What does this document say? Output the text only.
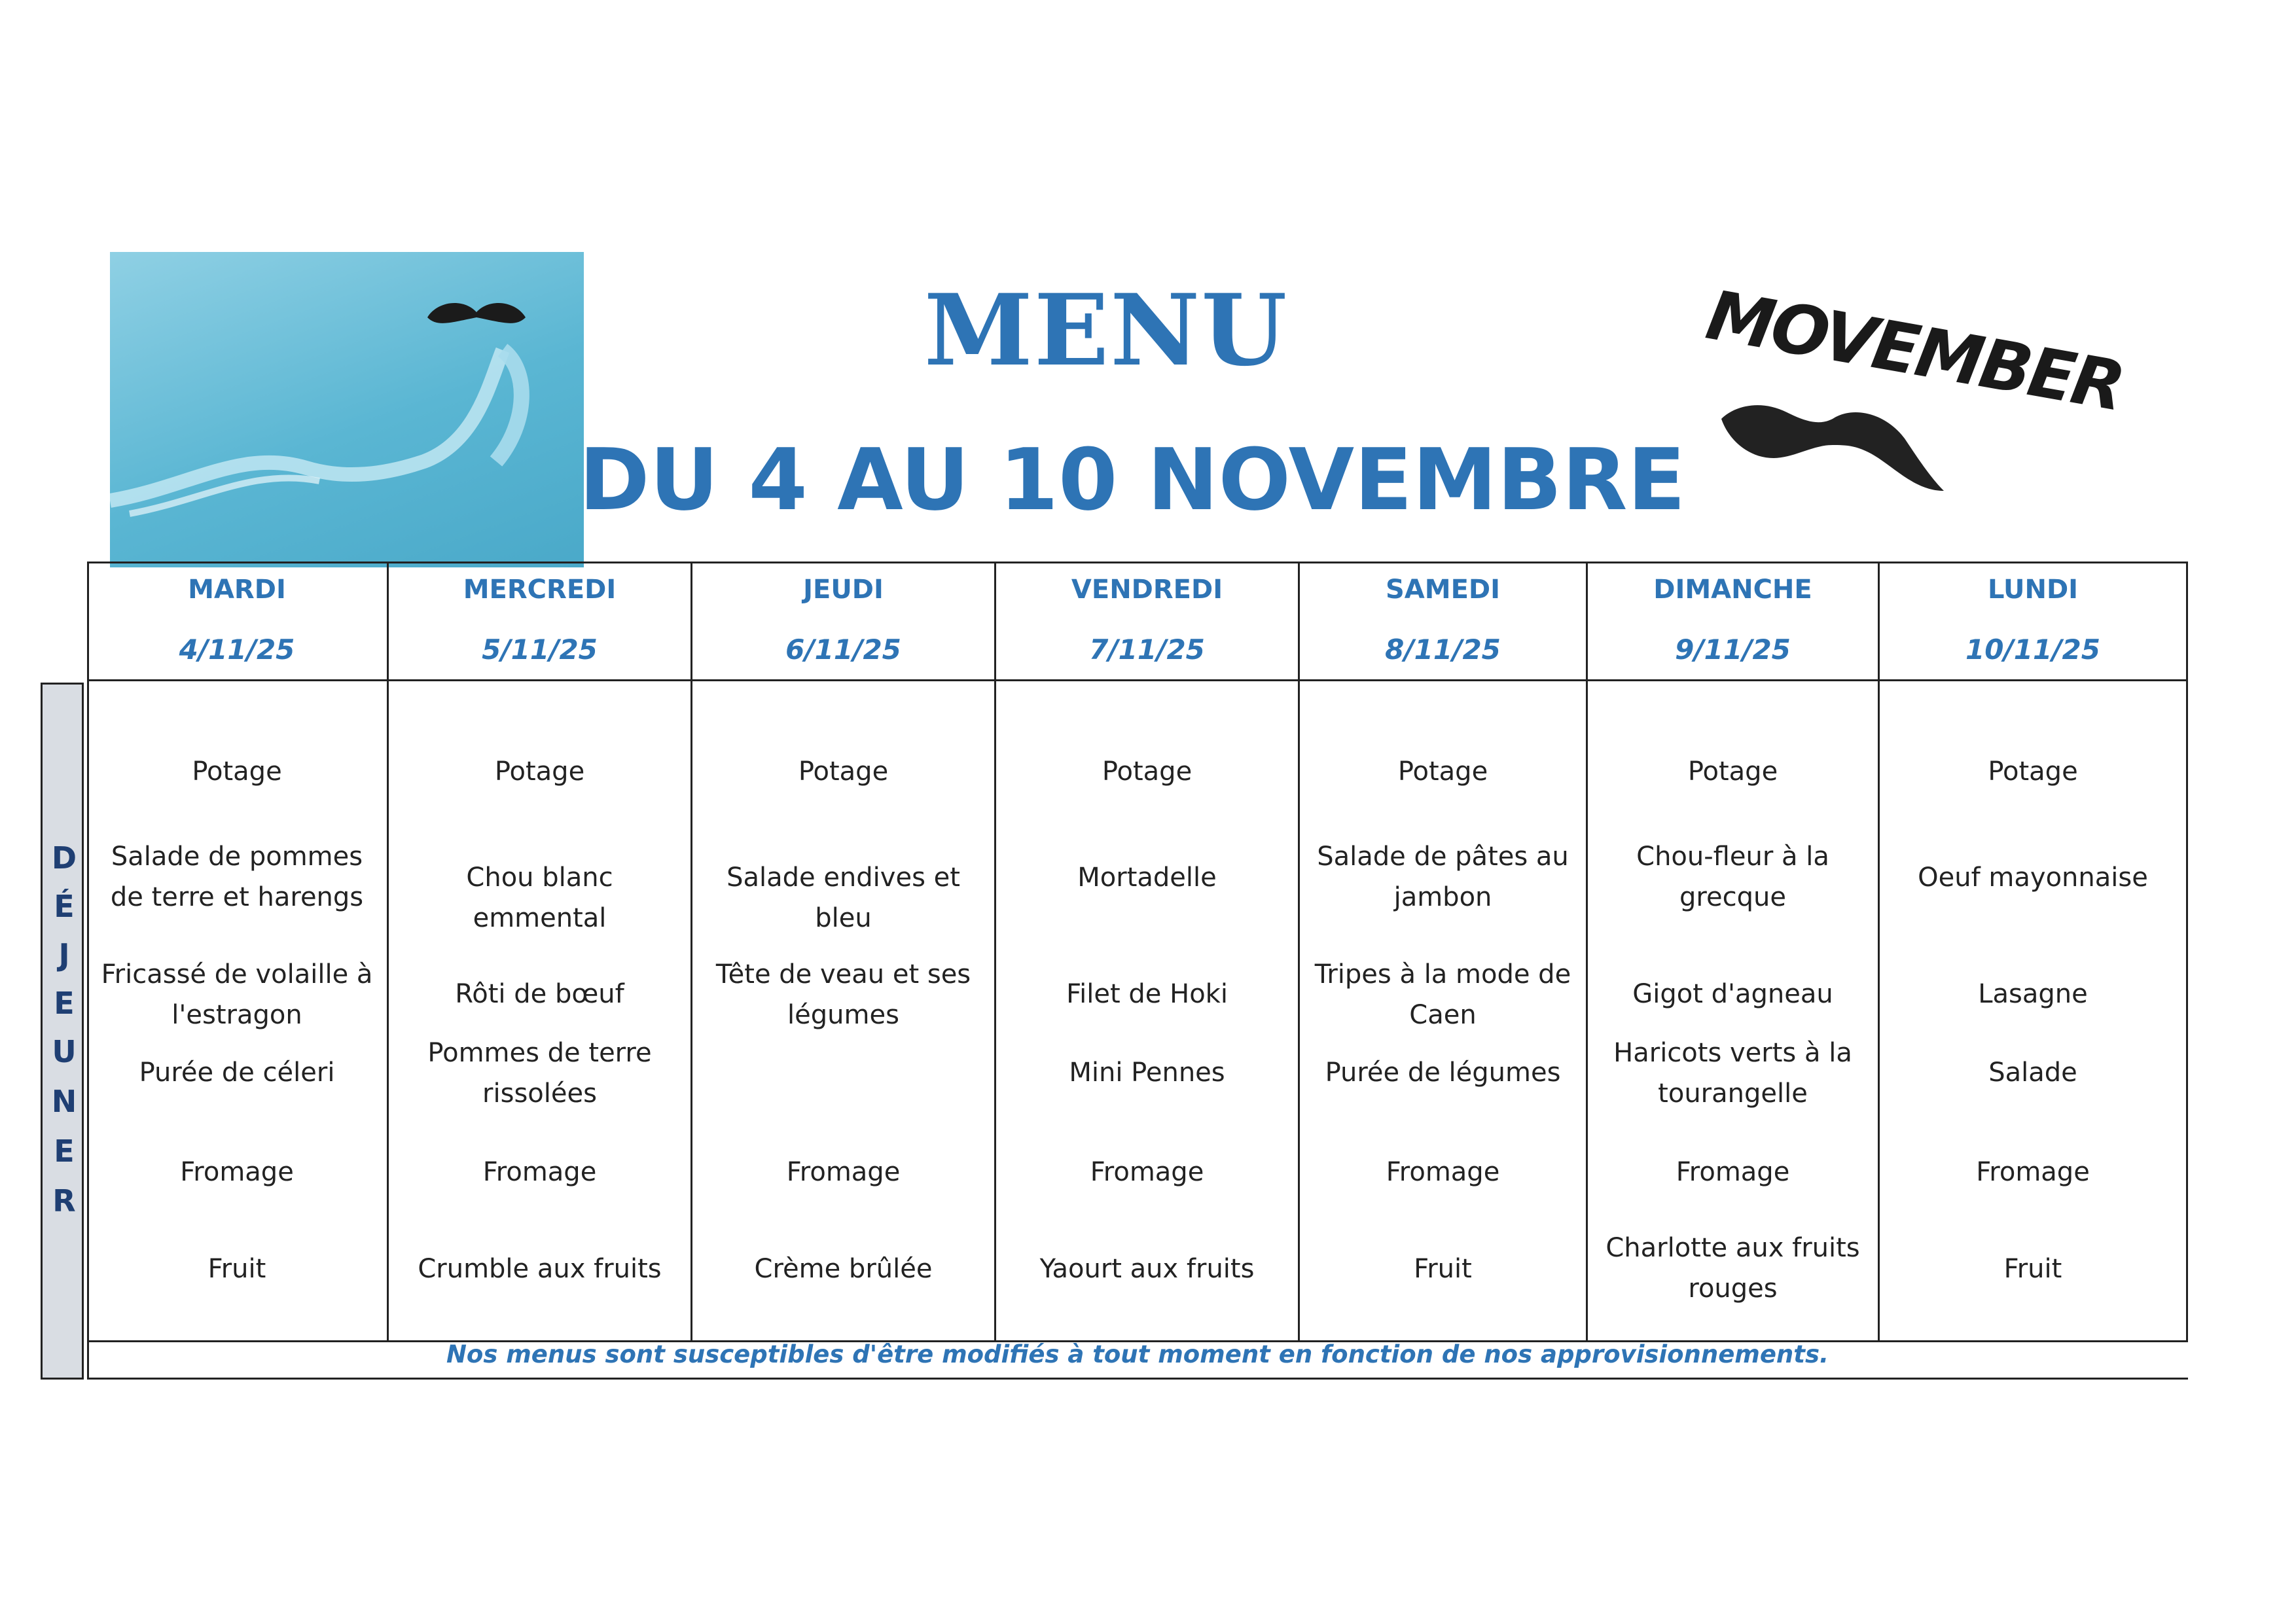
MENU
DU 4 AU 10 NOVEMBRE
MOVEMBER
D
É
J
E
U
N
E
R
MARDI
4/11/25
MERCREDI
5/11/25
JEUDI
6/11/25
VENDREDI
7/11/25
SAMEDI
8/11/25
DIMANCHE
9/11/25
LUNDI
10/11/25
Potage
Salade de pommes de terre et harengs
Fricassé de volaille à l'estragon
Purée de céleri
Fromage
Fruit
Potage
Chou blanc emmental
Rôti de bœuf
Pommes de terre rissolées
Fromage
Crumble aux fruits
Potage
Salade endives et bleu
Tête de veau et ses légumes
Fromage
Crème brûlée
Potage
Mortadelle
Filet de Hoki
Mini Pennes
Fromage
Yaourt aux fruits
Potage
Salade de pâtes au jambon
Tripes à la mode de Caen
Purée de légumes
Fromage
Fruit
Potage
Chou-fleur à la grecque
Gigot d'agneau
Haricots verts à la tourangelle
Fromage
Charlotte aux fruits rouges
Potage
Oeuf mayonnaise
Lasagne
Salade
Fromage
Fruit
Nos menus sont susceptibles d'être modifiés à tout moment en fonction de nos approvisionnements.
